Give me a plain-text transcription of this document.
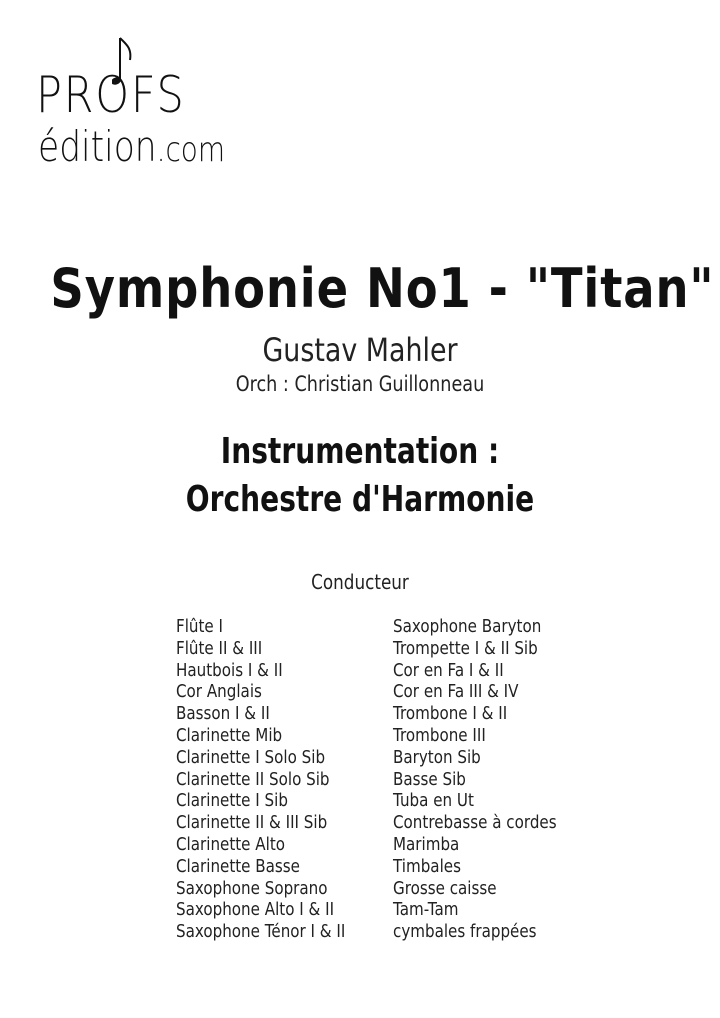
PROFS
édition.com
Symphonie No1 - "Titan"
Gustav Mahler
Orch : Christian Guillonneau
Instrumentation :
Orchestre d'Harmonie
Conducteur
Flûte I
Flûte II & III
Hautbois I & II
Cor Anglais
Basson I & II
Clarinette Mib
Clarinette I Solo Sib
Clarinette II Solo Sib
Clarinette I Sib
Clarinette II & III Sib
Clarinette Alto
Clarinette Basse
Saxophone Soprano
Saxophone Alto I & II
Saxophone Ténor I & II
Saxophone Baryton
Trompette I & II Sib
Cor en Fa I & II
Cor en Fa III & IV
Trombone I & II
Trombone III
Baryton Sib
Basse Sib
Tuba en Ut
Contrebasse à cordes
Marimba
Timbales
Grosse caisse
Tam-Tam
cymbales frappées
